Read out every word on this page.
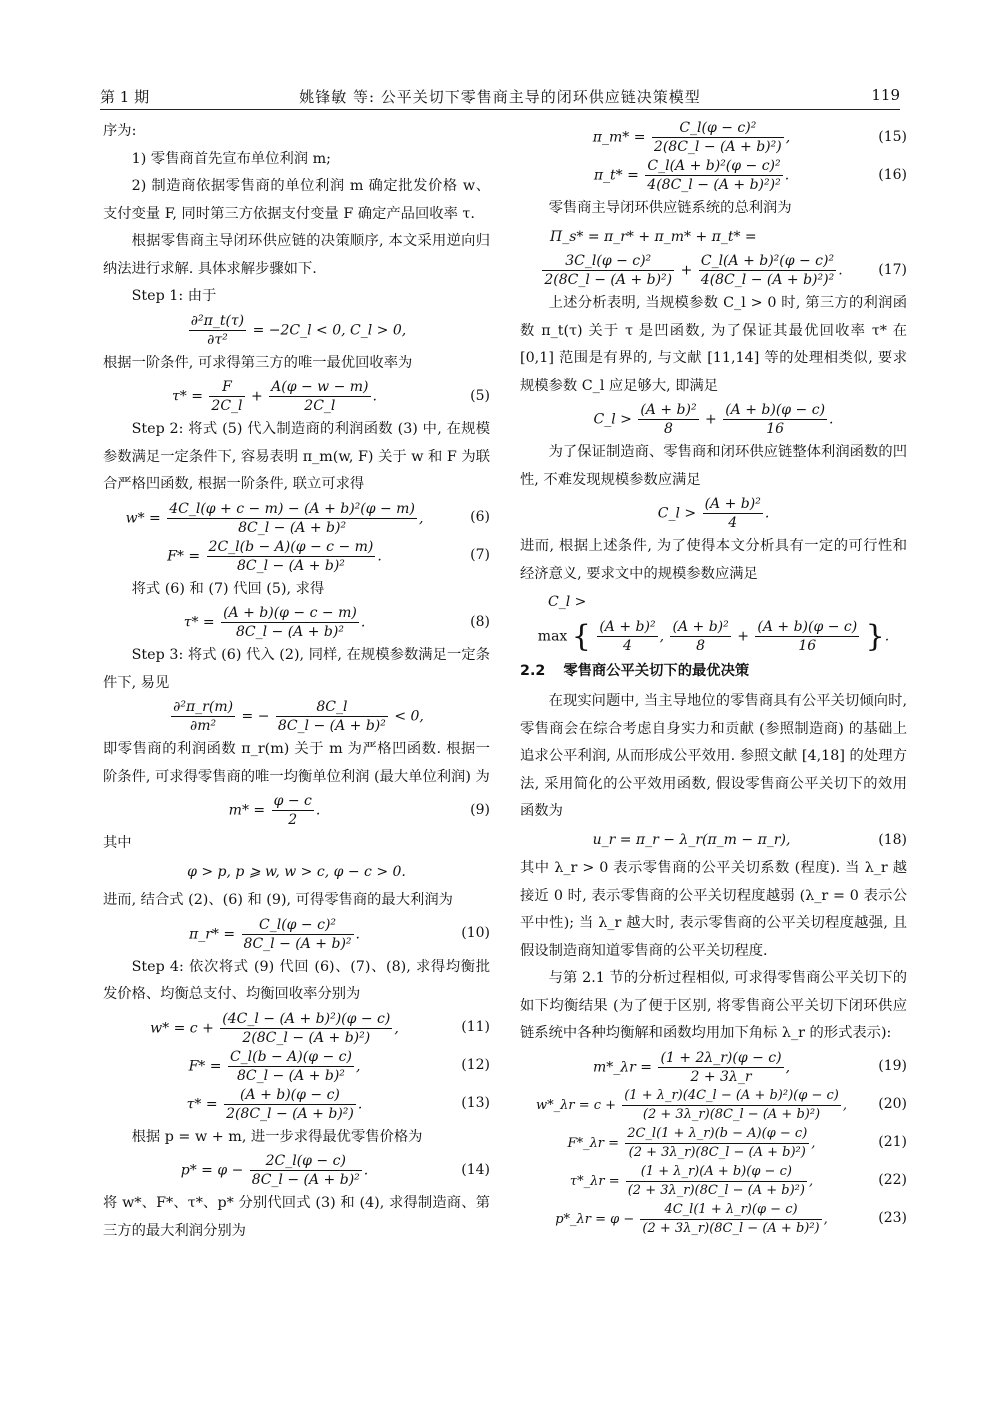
第 1 期	姚锋敏 等: 公平关切下零售商主导的闭环供应链决策模型	119

序为:

1) 零售商首先宣布单位利润 m;

2) 制造商依据零售商的单位利润 m 确定批发价格 w、支付变量 F, 同时第三方依据支付变量 F 确定产品回收率 τ.

根据零售商主导闭环供应链的决策顺序, 本文采用逆向归纳法进行求解. 具体求解步骤如下.

Step 1: 由于

$\frac{\text{∂²π\_t(τ)}}{\text{∂τ²}}$ = −2C_l < 0, C_l > 0,

根据一阶条件, 可求得第三方的唯一最优回收率为

$\tau* = \frac{F}{2C\_l} + \frac{A(\varphi - w - m)}{2C\_l}$ .	(5)

Step 2: 将式 (5) 代入制造商的利润函数 (3) 中, 在规模参数满足一定条件下, 容易表明 π_m(w, F) 关于 w 和 F 为联合严格凹函数, 根据一阶条件, 联立可求得

$w* = \frac{\text{4C\_l(φ + c − m) − (A + b)²(φ − m)}}{\text{8C\_l − (A + b)²}}$ ,	(6)
$F* = \frac{2C\_l(b - A)(\varphi - c - m)}{\text{8C\_l − (A + b)²}}$ .	(7)

将式 (6) 和 (7) 代回 (5), 求得

$\tau* = \frac{(A + b)(\varphi - c - m)}{\text{8C\_l − (A + b)²}}$ .	(8)

Step 3: 将式 (6) 代入 (2), 同样, 在规模参数满足一定条件下, 易见

$\frac{\text{∂²π\_r(m)}}{\text{∂m²}}$ = − $\frac{8C\_l}{\text{8C\_l − (A + b)²}} < 0$,

即零售商的利润函数 π_r(m) 关于 m 为严格凹函数. 根据一阶条件, 可求得零售商的唯一均衡单位利润 (最大单位利润) 为

$m* = \frac{\varphi - c}{2}$ .	(9)

其中

φ > p, p ⩾ w, w > c, φ − c > 0.

进而, 结合式 (2)、(6) 和 (9), 可得零售商的最大利润为

π_r* = $\frac{\text{C\_l(φ − c)²}}{\text{8C\_l − (A + b)²}}$ .	(10)

Step 4: 依次将式 (9) 代回 (6)、(7)、(8), 求得均衡批发价格、均衡总支付、均衡回收率分别为

$w* = c + \frac{\text{(4C\_l − (A + b)²)(φ − c)}}{\text{2(8C\_l − (A + b)²)}}$ ,	(11)
$F* = \frac{C\_l(b - A)(\varphi - c)}{\text{8C\_l − (A + b)²}}$ ,	(12)
$\tau* = \frac{(A + b)(\varphi - c)}{\text{2(8C\_l − (A + b)²)}}$ .	(13)

根据 p = w + m, 进一步求得最优零售价格为

$p* = \varphi - \frac{2C\_l(\varphi - c)}{\text{8C\_l − (A + b)²}}$ .	(14)

将 w*、F*、τ*、p* 分别代回式 (3) 和 (4), 求得制造商、第三方的最大利润分别为

π_m* = $\frac{\text{C\_l(φ − c)²}}{\text{2(8C\_l − (A + b)²)}}$ ,	(15)
π_t* = $\frac{\text{C\_l(A + b)²(φ − c)²}}{\text{4(8C\_l − (A + b)²)²}}$ .	(16)

零售商主导闭环供应链系统的总利润为

Π_s* = π_r* + π_m* + π_t* =
$\frac{\text{3C\_l(φ − c)²}}{\text{2(8C\_l − (A + b)²)}} + \frac{\text{C\_l(A + b)²(φ − c)²}}{\text{4(8C\_l − (A + b)²)²}}$ .	(17)

上述分析表明, 当规模参数 C_l > 0 时, 第三方的利润函数 π_t(τ) 关于 τ 是凹函数, 为了保证其最优回收率 τ* 在 [0,1] 范围是有界的, 与文献 [11,14] 等的处理相类似, 要求规模参数 C_l 应足够大, 即满足

C_l > $\frac{\text{(A + b)²}}{8} + \frac{(A + b)(\varphi - c)}{16}$ .

为了保证制造商、零售商和闭环供应链整体利润函数的凹性, 不难发现规模参数应满足

C_l > $\frac{\text{(A + b)²}}{4}$ .

进而, 根据上述条件, 为了使得本文分析具有一定的可行性和经济意义, 要求文中的规模参数应满足

C_l >
max { $\frac{\text{(A + b)²}}{4}$ , $\frac{\text{(A + b)²}}{8} + \frac{(A + b)(\varphi - c)}{16}$ }.
2.2 零售商公平关切下的最优决策

在现实问题中, 当主导地位的零售商具有公平关切倾向时, 零售商会在综合考虑自身实力和贡献 (参照制造商) 的基础上追求公平利润, 从而形成公平效用. 参照文献 [4,18] 的处理方法, 采用简化的公平效用函数, 假设零售商公平关切下的效用函数为

u_r = π_r − λ_r(π_m − π_r),	(18)

其中 λ_r > 0 表示零售商的公平关切系数 (程度). 当 λ_r 越接近 0 时, 表示零售商的公平关切程度越弱 (λ_r = 0 表示公平中性); 当 λ_r 越大时, 表示零售商的公平关切程度越强, 且假设制造商知道零售商的公平关切程度.

与第 2.1 节的分析过程相似, 可求得零售商公平关切下的如下均衡结果 (为了便于区别, 将零售商公平关切下闭环供应链系统中各种均衡解和函数均用加下角标 λ_r 的形式表示):

m*_λr = $\frac{(1 + 2\lambda\_r)(\varphi - c)}{2 + 3\lambda\_r}$ ,	(19)
w*_λr = $c + \frac{\text{(1 + λ\_r)(4C\_l − (A + b)²)(φ − c)}}{\text{(2 + 3λ\_r)(8C\_l − (A + b)²)}}$ ,	(20)
F*_λr = $\frac{2C\_l(1 + \lambda\_r)(b - A)(\varphi - c)}{\text{(2 + 3λ\_r)(8C\_l − (A + b)²)}}$ ,	(21)
τ*_λr = $\frac{(1 + \lambda\_r)(A + b)(\varphi - c)}{\text{(2 + 3λ\_r)(8C\_l − (A + b)²)}}$ ,	(22)
p*_λr = $\varphi - \frac{4C\_l(1 + \lambda\_r)(\varphi - c)}{\text{(2 + 3λ\_r)(8C\_l − (A + b)²)}}$ ,	(23)
